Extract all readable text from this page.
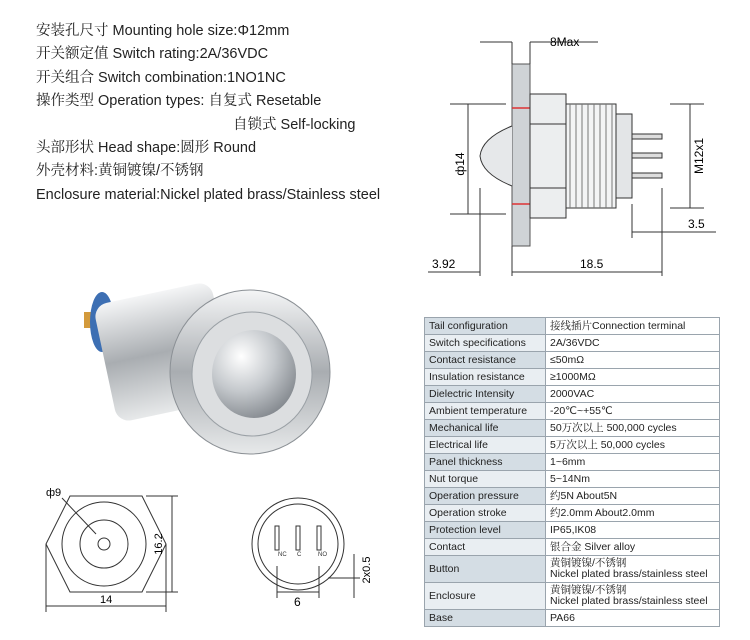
安装孔尺寸 Mounting hole size:Φ12mm
开关额定值 Switch rating:2A/36VDC
开关组合 Switch combination:1NO1NC
操作类型 Operation types: 自复式 Resetable
自锁式 Self-locking
头部形状 Head shape:圆形 Round
外壳材料:黄铜镀镍/不锈钢
Enclosure material:Nickel plated brass/Stainless steel
8Max
ф14	M12x1
3.92	18.5
3.5
ф9
16.2
14
NC C	NO
6
2x0.5
Tail configuration	接线插片Connection terminal
Switch specifications	2A/36VDC
Contact resistance	≤50mΩ
Insulation resistance	≥1000MΩ
Dielectric Intensity	2000VAC
Ambient temperature	-20℃~+55℃
Mechanical life	50万次以上 500,000 cycles
Electrical life	5万次以上 50,000 cycles
Panel thickness	1~6mm
Nut torque	5~14Nm
Operation pressure	约5N About5N
Operation stroke	约2.0mm About2.0mm
Protection level	IP65,IK08
Contact	银合金 Silver alloy
Button	黄铜镀镍/不锈钢
Nickel plated brass/stainless steel

Enclosure	黄铜镀镍/不锈钢
Nickel plated brass/stainless steel

Base	PA66
